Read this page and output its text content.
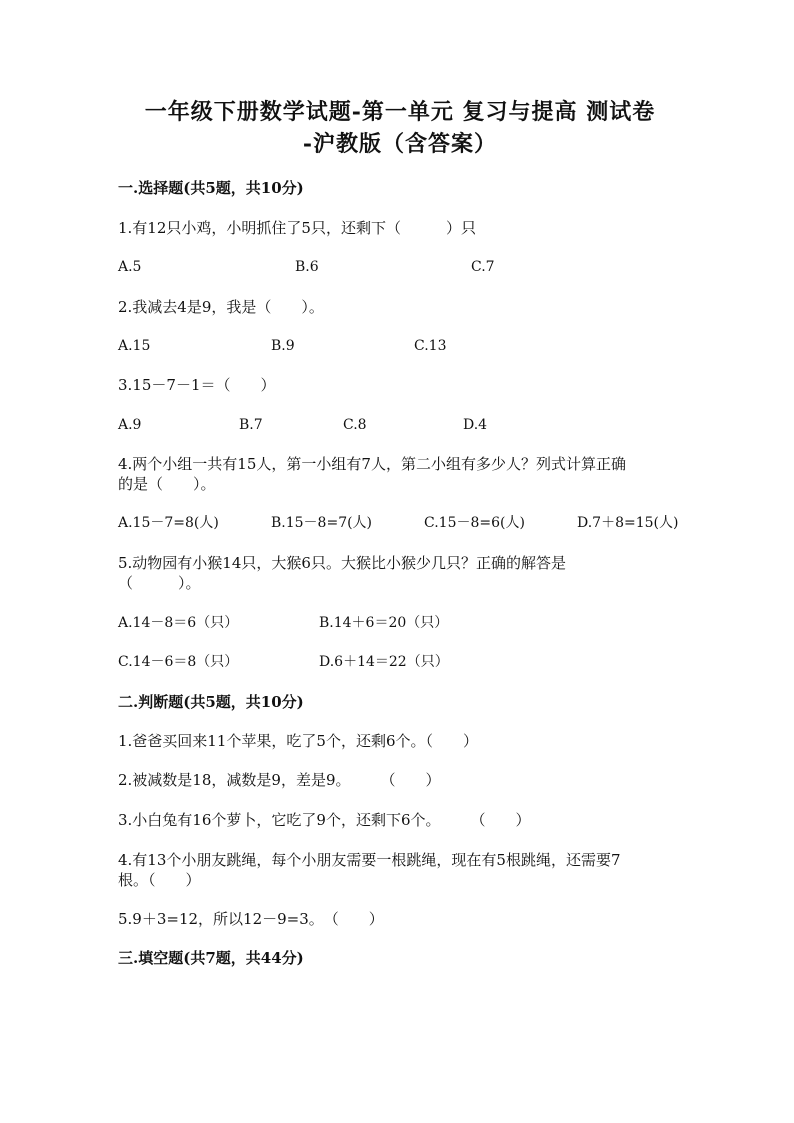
一年级下册数学试题-第一单元 复习与提高 测试卷
-沪教版（含答案）
一.选择题(共5题，共10分)
1.有12只小鸡，小明抓住了5只，还剩下（　　　）只
A.5	B.6	C.7
2.我减去4是9，我是（　　）。
A.15	B.9	C.13
3.15－7－1＝（　　）
A.9	B.7	C.8	D.4
4.两个小组一共有15人，第一小组有7人，第二小组有多少人？列式计算正确
的是（　　）。
A.15－7=8(人)	B.15－8=7(人)	C.15－8=6(人)	D.7＋8=15(人)
5.动物园有小猴14只，大猴6只。大猴比小猴少几只？正确的解答是
（　　　）。
A.14－8＝6（只）	B.14＋6＝20（只）
C.14－6＝8（只）	D.6＋14＝22（只）
二.判断题(共5题，共10分)
1.爸爸买回来11个苹果，吃了5个，还剩6个。（　　）
2.被减数是18，减数是9，差是9。　　　（　　）
3.小白兔有16个萝卜，它吃了9个，还剩下6个。　　　（　　）
4.有13个小朋友跳绳，每个小朋友需要一根跳绳，现在有5根跳绳，还需要7
根。（　　）
5.9＋3=12，所以12－9=3。　（　　）
三.填空题(共7题，共44分)
